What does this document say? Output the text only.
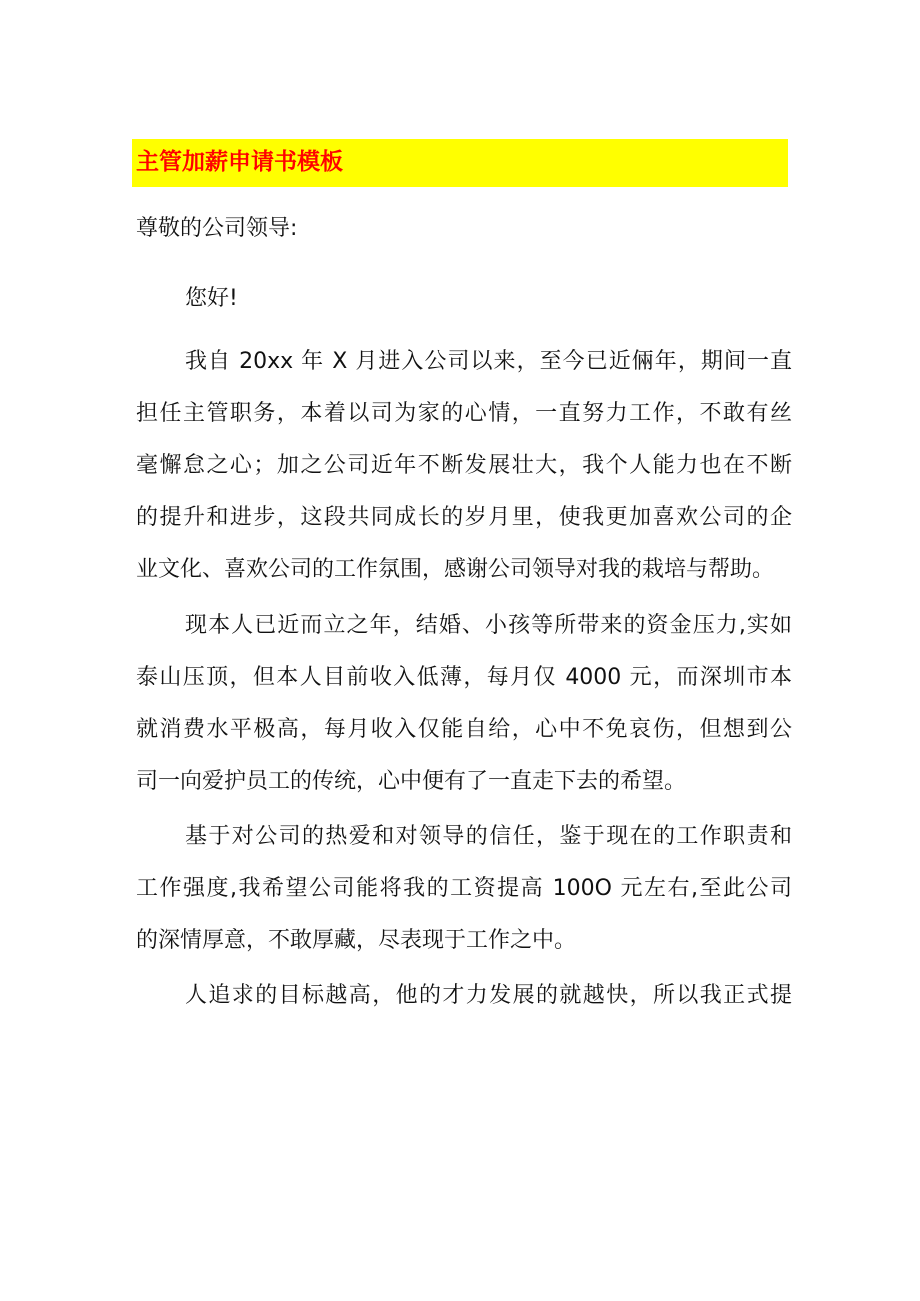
主管加薪申请书模板
尊敬的公司领导:
您好!
我自 20xx 年 X 月进入公司以来，至今已近倆年，期间一直
担任主管职务，本着以司为家的心情，一直努力工作，不敢有丝
毫懈怠之心；加之公司近年不断发展壮大，我个人能力也在不断
的提升和进步，这段共同成长的岁月里，使我更加喜欢公司的企
业文化、喜欢公司的工作氛围，感谢公司领导对我的栽培与帮助。
现本人已近而立之年，结婚、小孩等所带来的资金压力,实如
泰山压顶，但本人目前收入低薄，每月仅 4000 元，而深圳市本
就消费水平极高，每月收入仅能自给，心中不免哀伤，但想到公
司一向爱护员工的传统，心中便有了一直走下去的希望。
基于对公司的热爱和对领导的信任，鉴于现在的工作职责和
工作强度,我希望公司能将我的工资提高 100O 元左右,至此公司
的深情厚意，不敢厚藏，尽表现于工作之中。
人追求的目标越高，他的才力发展的就越快，所以我正式提
